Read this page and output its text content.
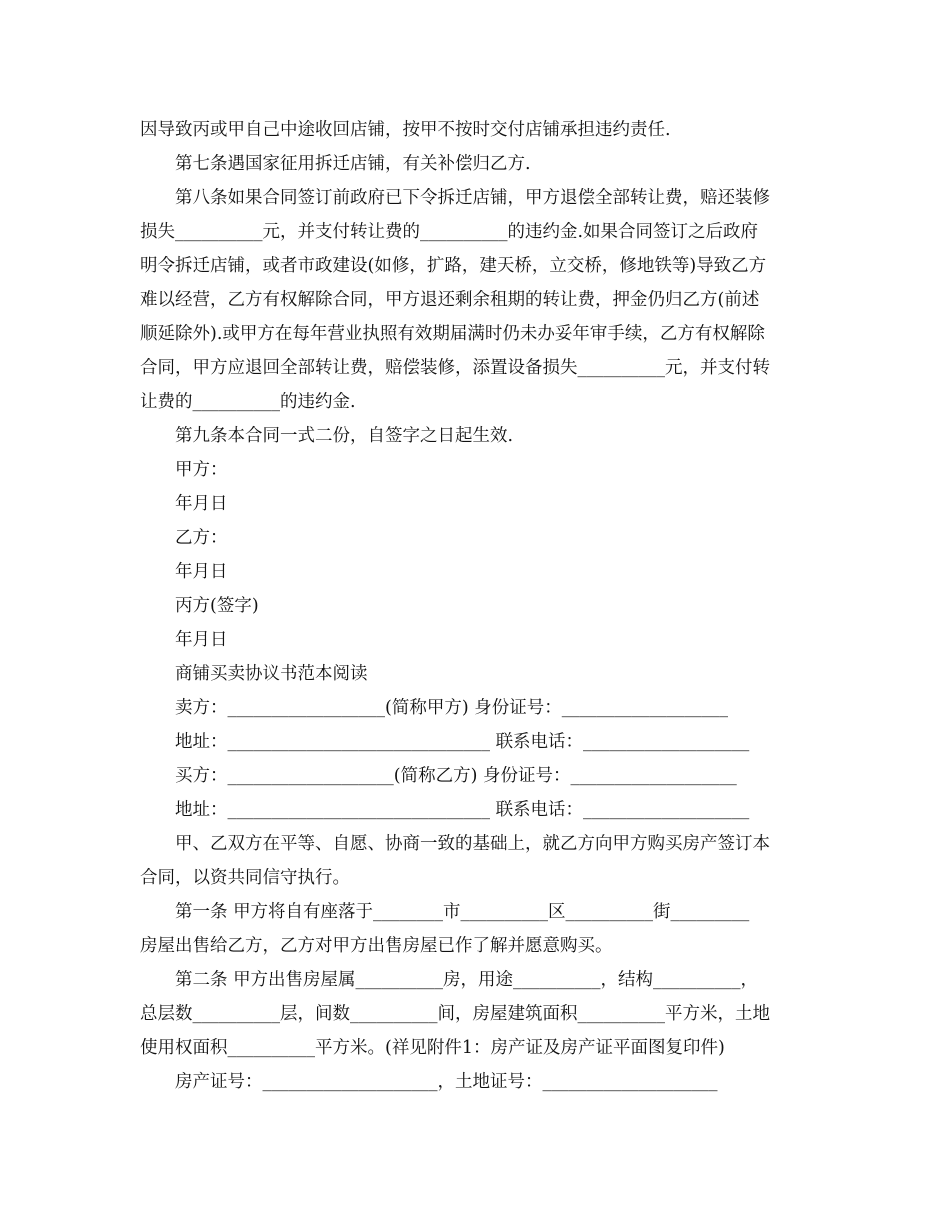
因导致丙或甲自己中途收回店铺，按甲不按时交付店铺承担违约责任.
第七条遇国家征用拆迁店铺，有关补偿归乙方.
第八条如果合同签订前政府已下令拆迁店铺，甲方退偿全部转让费，赔还装修
损失__________元，并支付转让费的__________的违约金.如果合同签订之后政府
明令拆迁店铺，或者市政建设(如修，扩路，建天桥，立交桥，修地铁等)导致乙方
难以经营，乙方有权解除合同，甲方退还剩余租期的转让费，押金仍归乙方(前述
顺延除外).或甲方在每年营业执照有效期届满时仍未办妥年审手续，乙方有权解除
合同，甲方应退回全部转让费，赔偿装修，添置设备损失__________元，并支付转
让费的__________的违约金.
第九条本合同一式二份，自签字之日起生效.
甲方：
年月日
乙方：
年月日
丙方(签字)
年月日
商铺买卖协议书范本阅读
卖方：__________________(简称甲方) 身份证号：___________________
地址：______________________________ 联系电话：___________________
买方：___________________(简称乙方) 身份证号：___________________
地址：______________________________ 联系电话：___________________
甲、乙双方在平等、自愿、协商一致的基础上，就乙方向甲方购买房产签订本
合同，以资共同信守执行。
第一条 甲方将自有座落于________市__________区__________街_________
房屋出售给乙方，乙方对甲方出售房屋已作了解并愿意购买。
第二条 甲方出售房屋属__________房，用途__________，结构__________，
总层数__________层，间数__________间，房屋建筑面积__________平方米，土地
使用权面积__________平方米。(祥见附件1：房产证及房产证平面图复印件)
房产证号：____________________，土地证号：____________________
